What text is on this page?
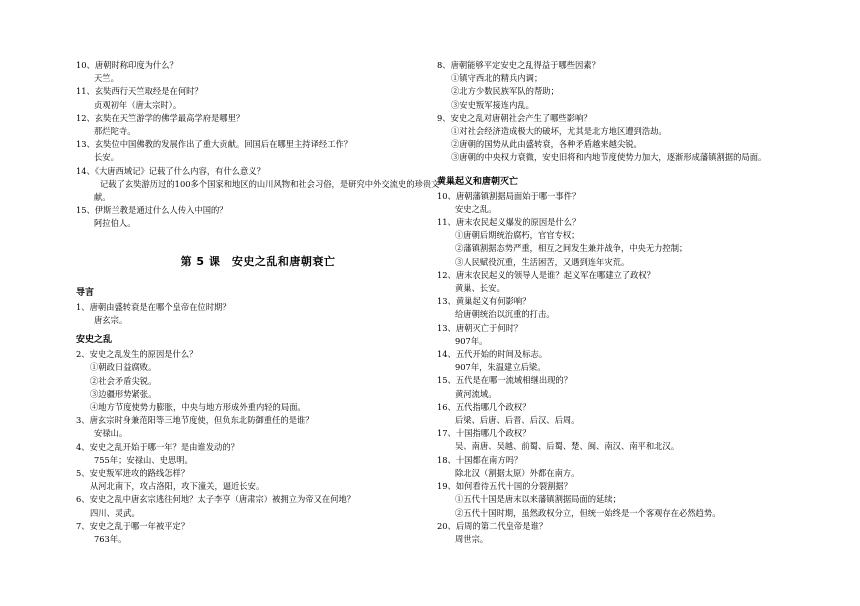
10、唐朝时称印度为什么？
天竺。
11、玄奘西行天竺取经是在何时？
贞观初年（唐太宗时）。
12、玄奘在天竺游学的佛学最高学府是哪里？
那烂陀寺。
13、玄奘位中国佛教的发展作出了重大贡献。回国后在哪里主持译经工作？
长安。
14、《大唐西域记》记载了什么内容，有什么意义？
记载了玄奘游历过的100多个国家和地区的山川风物和社会习俗，是研究中外交流史的珍贵文献。
15、伊斯兰教是通过什么人传入中国的？
阿拉伯人。
第 5 课　安史之乱和唐朝衰亡
导言
1、唐朝由盛转衰是在哪个皇帝在位时期？
唐玄宗。
安史之乱
2、安史之乱发生的原因是什么？
①朝政日益腐败。
②社会矛盾尖锐。
③边疆形势紧张。
④地方节度使势力膨胀，中央与地方形成外重内轻的局面。
3、唐玄宗时身兼范阳等三地节度使，但负东北防御重任的是谁？
安禄山。
4、安史之乱开始于哪一年？是由谁发动的？
755年；安禄山、史思明。
5、安史叛军进攻的路线怎样？
从河北南下，攻占洛阳，攻下潼关，逼近长安。
6、安史之乱中唐玄宗逃往何地？太子李亨（唐肃宗）被拥立为帝又在何地？
四川、灵武。
7、安史之乱于哪一年被平定？
763年。
8、唐朝能够平定安史之乱得益于哪些因素？
①镇守西北的精兵内调；
②北方少数民族军队的帮助；
③安史叛军接连内乱。
9、安史之乱对唐朝社会产生了哪些影响？
①对社会经济造成极大的破坏，尤其是北方地区遭到浩劫。
②唐朝的国势从此由盛转衰，各种矛盾越来越尖锐。
③唐朝的中央权力衰微，安史旧将和内地节度使势力加大，逐渐形成藩镇割据的局面。
黄巢起义和唐朝灭亡
10、唐朝藩镇割据局面始于哪一事件？
安史之乱。
11、唐末农民起义爆发的原因是什么？
①唐朝后期统治腐朽，官官专权；
②藩镇割据态势严重，相互之间发生兼并战争，中央无力控制；
③人民赋役沉重，生活困苦，又遇到连年灾荒。
12、唐末农民起义的领导人是谁？起义军在哪建立了政权？
黄巢、长安。
13、黄巢起义有何影响？
给唐朝统治以沉重的打击。
13、唐朝灭亡于何时？
907年。
14、五代开始的时间及标志。
907年，朱温建立后梁。
15、五代是在哪一流域相继出现的？
黄河流域。
16、五代指哪几个政权？
后梁、后唐、后晋、后汉、后周。
17、十国指哪几个政权？
吴、南唐、吴越、前蜀、后蜀、楚、闽、南汉、南平和北汉。
18、十国都在南方吗？
除北汉（割据太原）外都在南方。
19、如何看待五代十国的分裂割据？
①五代十国是唐末以来藩镇割据局面的延续；
②五代十国时期，虽然政权分立，但统一始终是一个客观存在必然趋势。
20、后周的第二代皇帝是谁？
周世宗。
